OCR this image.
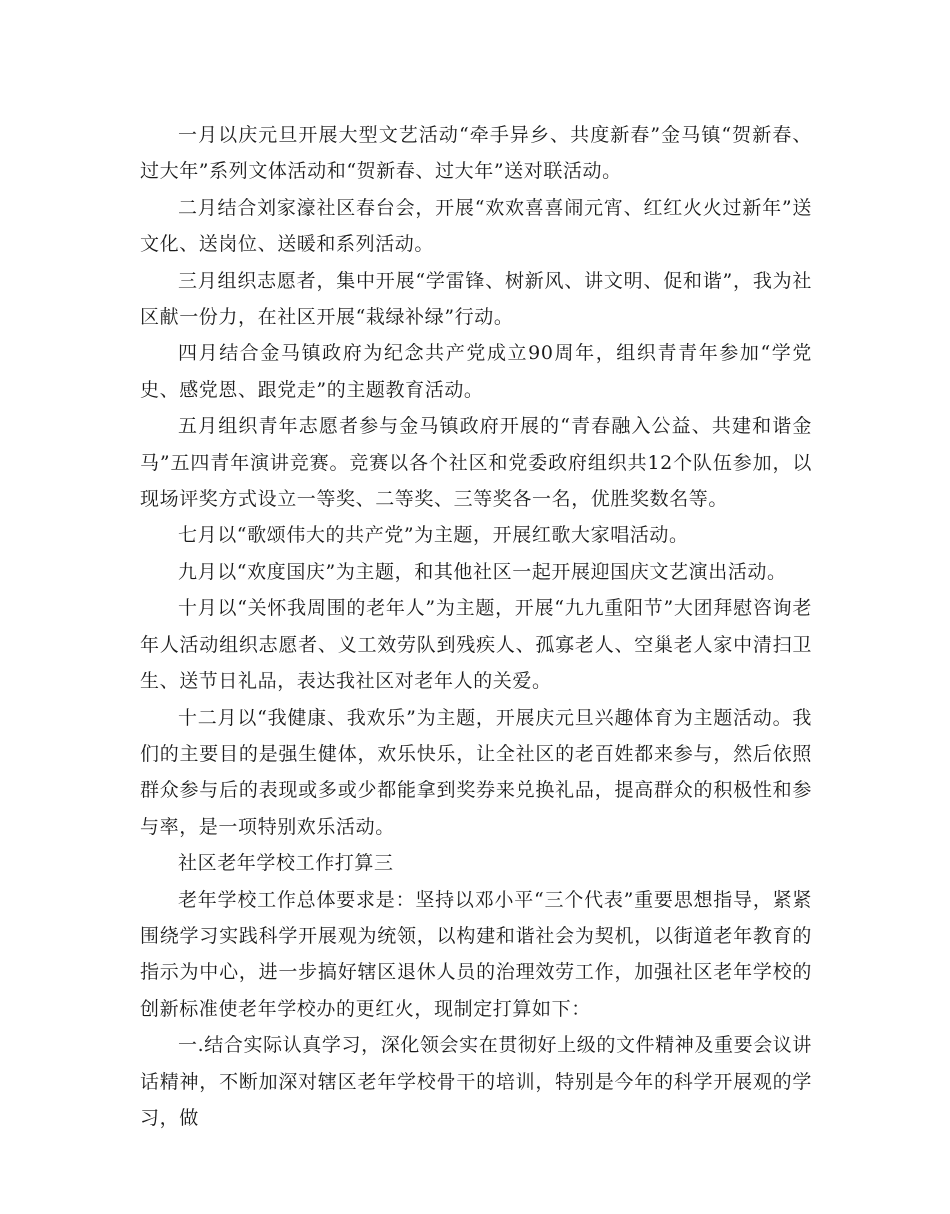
一月以庆元旦开展大型文艺活动“牵手异乡、共度新春”金马镇“贺新春、过大年”系列文体活动和“贺新春、过大年”送对联活动。

二月结合刘家濠社区春台会，开展“欢欢喜喜闹元宵、红红火火过新年”送文化、送岗位、送暖和系列活动。

三月组织志愿者，集中开展“学雷锋、树新风、讲文明、促和谐”，我为社区献一份力，在社区开展“栽绿补绿”行动。

四月结合金马镇政府为纪念共产党成立90周年，组织青青年参加“学党史、感党恩、跟党走”的主题教育活动。

五月组织青年志愿者参与金马镇政府开展的“青春融入公益、共建和谐金马”五四青年演讲竞赛。竞赛以各个社区和党委政府组织共12个队伍参加，以现场评奖方式设立一等奖、二等奖、三等奖各一名，优胜奖数名等。

七月以“歌颂伟大的共产党”为主题，开展红歌大家唱活动。

九月以“欢度国庆”为主题，和其他社区一起开展迎国庆文艺演出活动。

十月以“关怀我周围的老年人”为主题，开展“九九重阳节”大团拜慰咨询老年人活动组织志愿者、义工效劳队到残疾人、孤寡老人、空巢老人家中清扫卫生、送节日礼品，表达我社区对老年人的关爱。

十二月以“我健康、我欢乐”为主题，开展庆元旦兴趣体育为主题活动。我们的主要目的是强生健体，欢乐快乐，让全社区的老百姓都来参与，然后依照群众参与后的表现或多或少都能拿到奖券来兑换礼品，提高群众的积极性和参与率，是一项特别欢乐活动。

社区老年学校工作打算三

老年学校工作总体要求是：坚持以邓小平“三个代表”重要思想指导，紧紧围绕学习实践科学开展观为统领，以构建和谐社会为契机，以街道老年教育的指示为中心，进一步搞好辖区退休人员的治理效劳工作，加强社区老年学校的创新标准使老年学校办的更红火，现制定打算如下：

一.结合实际认真学习，深化领会实在贯彻好上级的文件精神及重要会议讲话精神，不断加深对辖区老年学校骨干的培训，特别是今年的科学开展观的学习，做
